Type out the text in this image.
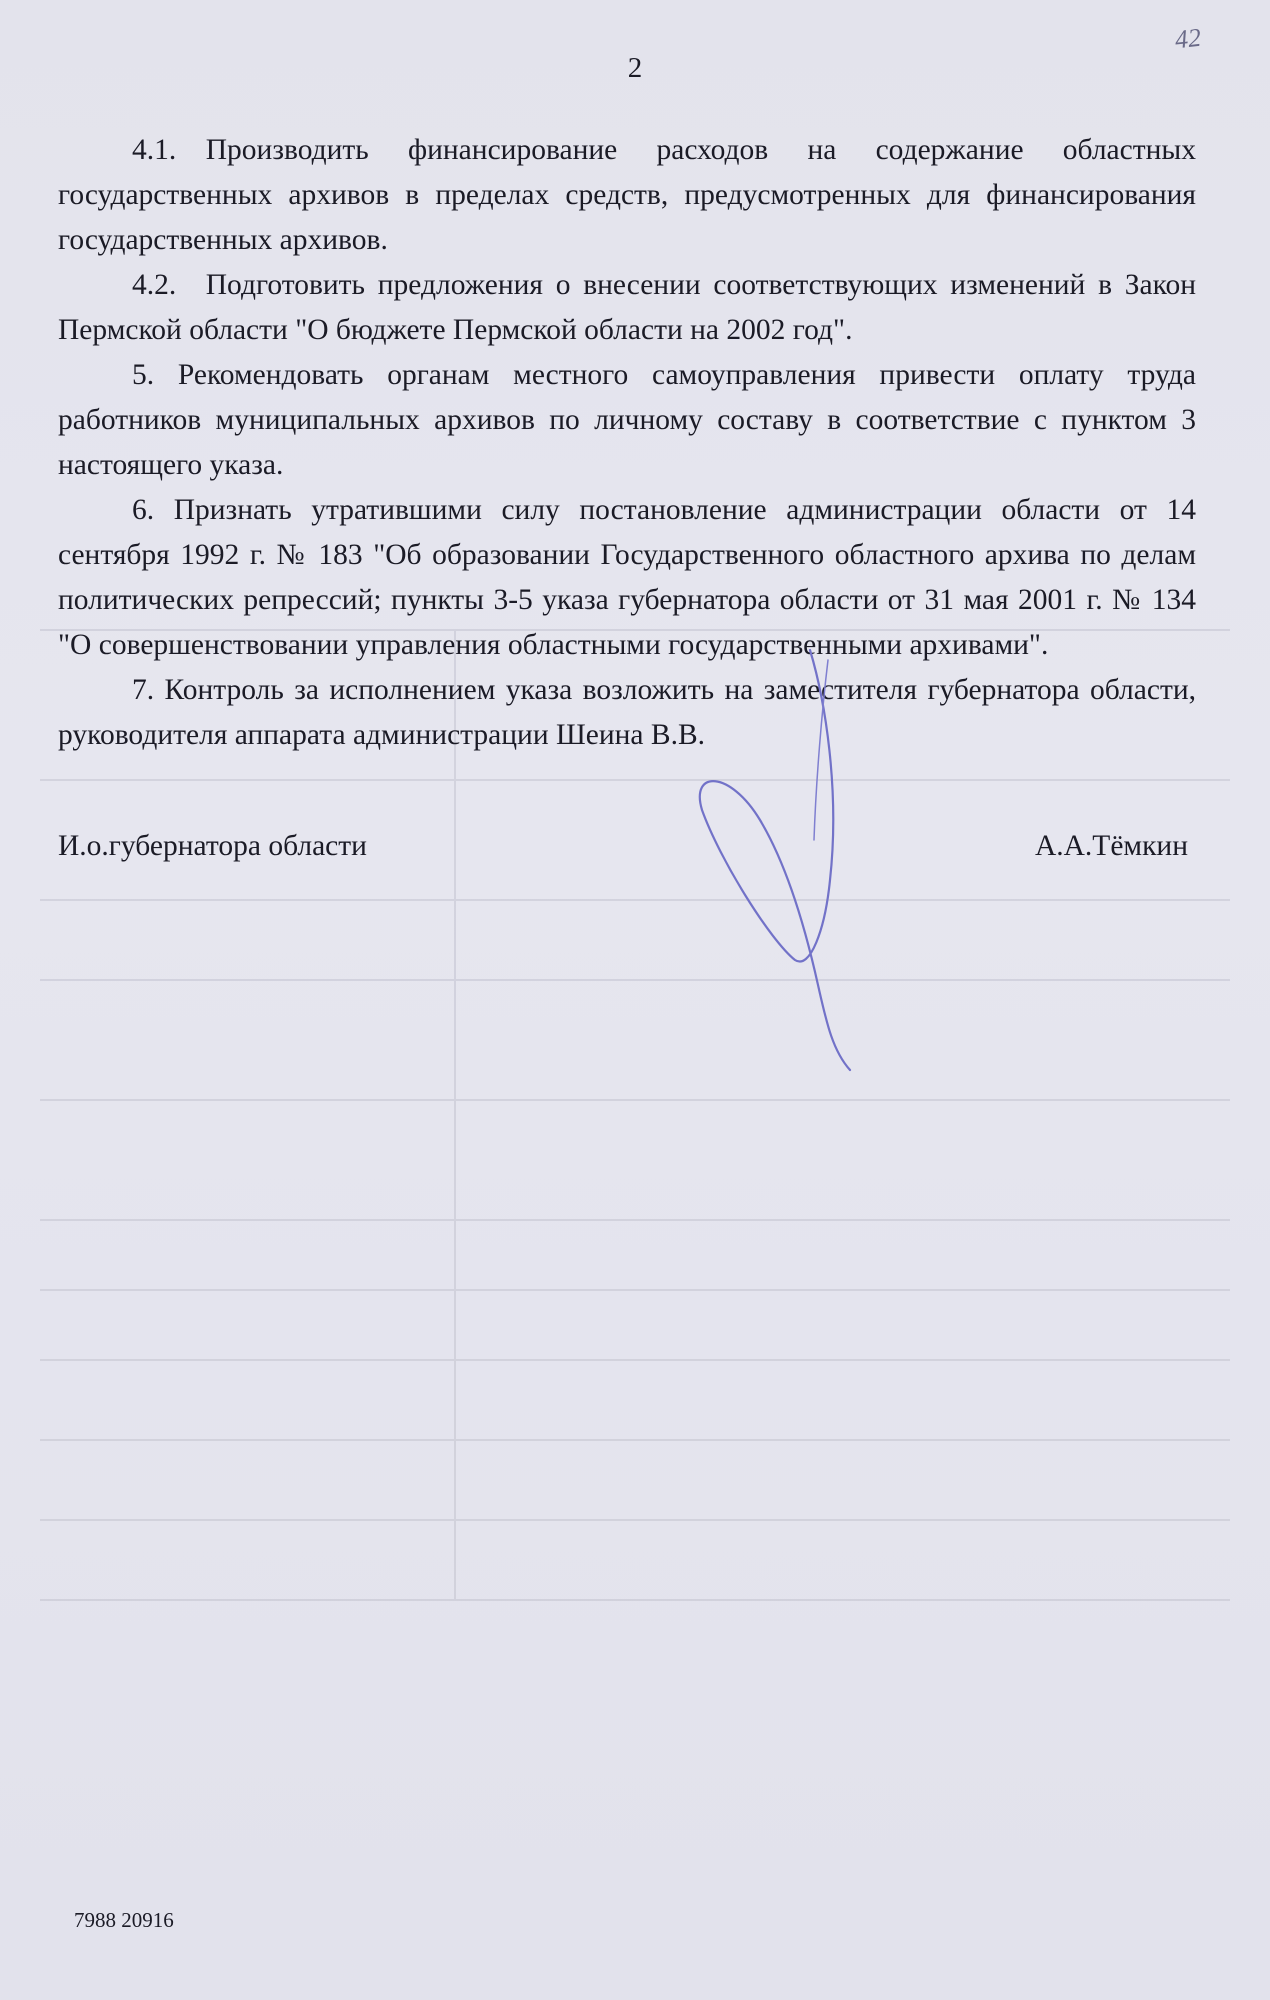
2
42

4.1. Производить финансирование расходов на содержание областных государственных архивов в пределах средств, предусмотренных для финансирования государственных архивов.

4.2. Подготовить предложения о внесении соответствующих изменений в Закон Пермской области "О бюджете Пермской области на 2002 год".

5. Рекомендовать органам местного самоуправления привести оплату труда работников муниципальных архивов по личному составу в соответствие с пунктом 3 настоящего указа.

6. Признать утратившими силу постановление администрации области от 14 сентября 1992 г. № 183 "Об образовании Государственного областного архива по делам политических репрессий; пункты 3-5 указа губернатора области от 31 мая 2001 г. № 134 "О совершенствовании управления областными государственными архивами".

7. Контроль за исполнением указа возложить на заместителя губернатора области, руководителя аппарата администрации Шеина В.В.

И.о.губернатора области	А.А.Тёмкин
7988 20916
